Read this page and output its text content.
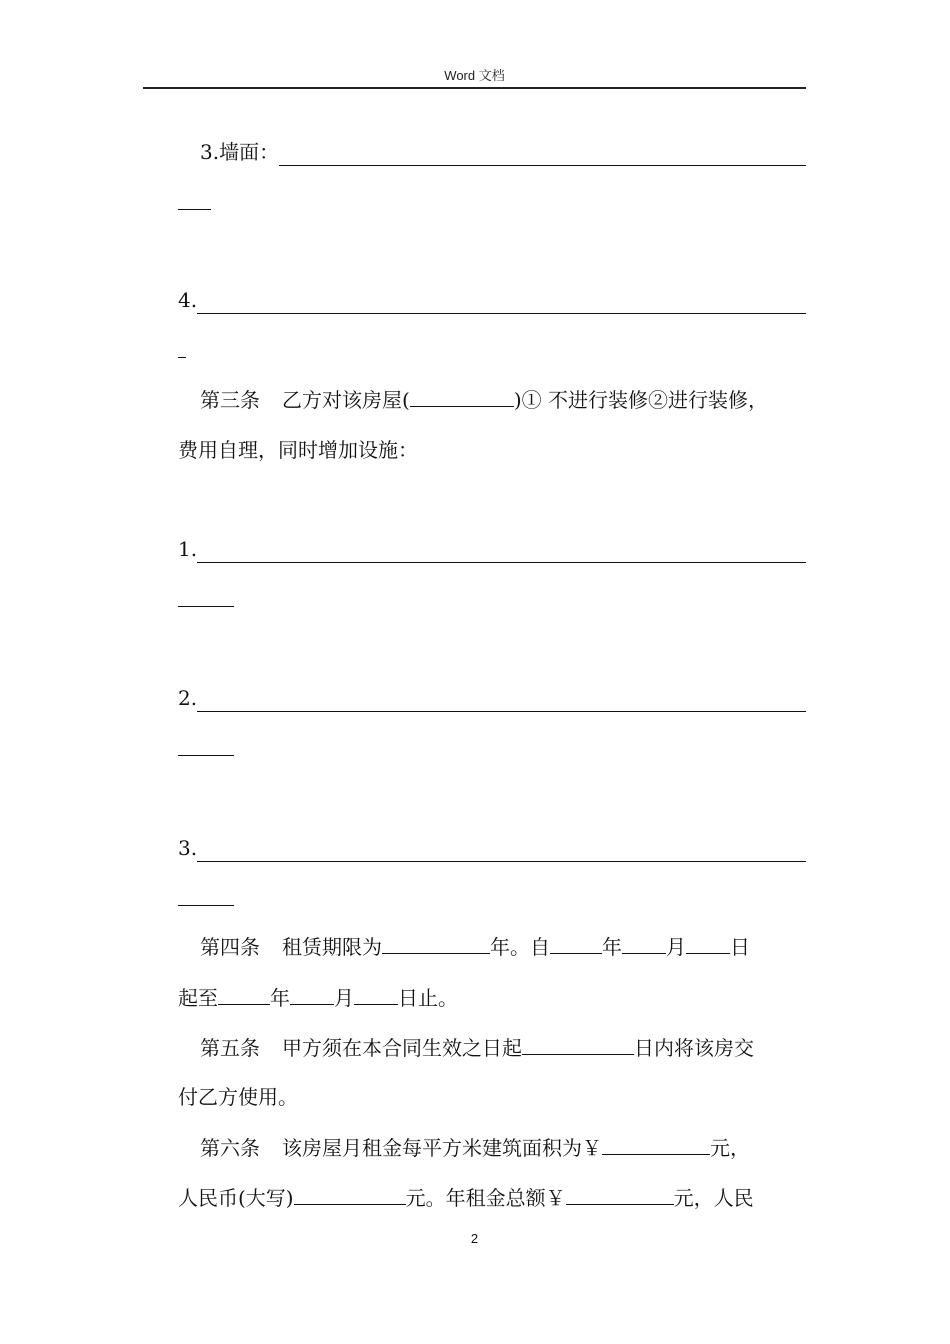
Word 文档
3.墙面：
4.
第三条 乙方对该房屋(	)① 不进行装修②进行装修，
费用自理，同时增加设施：
1.
2.
3.
第四条 租赁期限为	年。自	年 月 日
起至	年 月 日止。
第五条 甲方须在本合同生效之日起	日内将该房交
付乙方使用。
第六条 该房屋月租金每平方米建筑面积为￥	元，
人民币(大写)	元。年租金总额￥	元，人民
2
